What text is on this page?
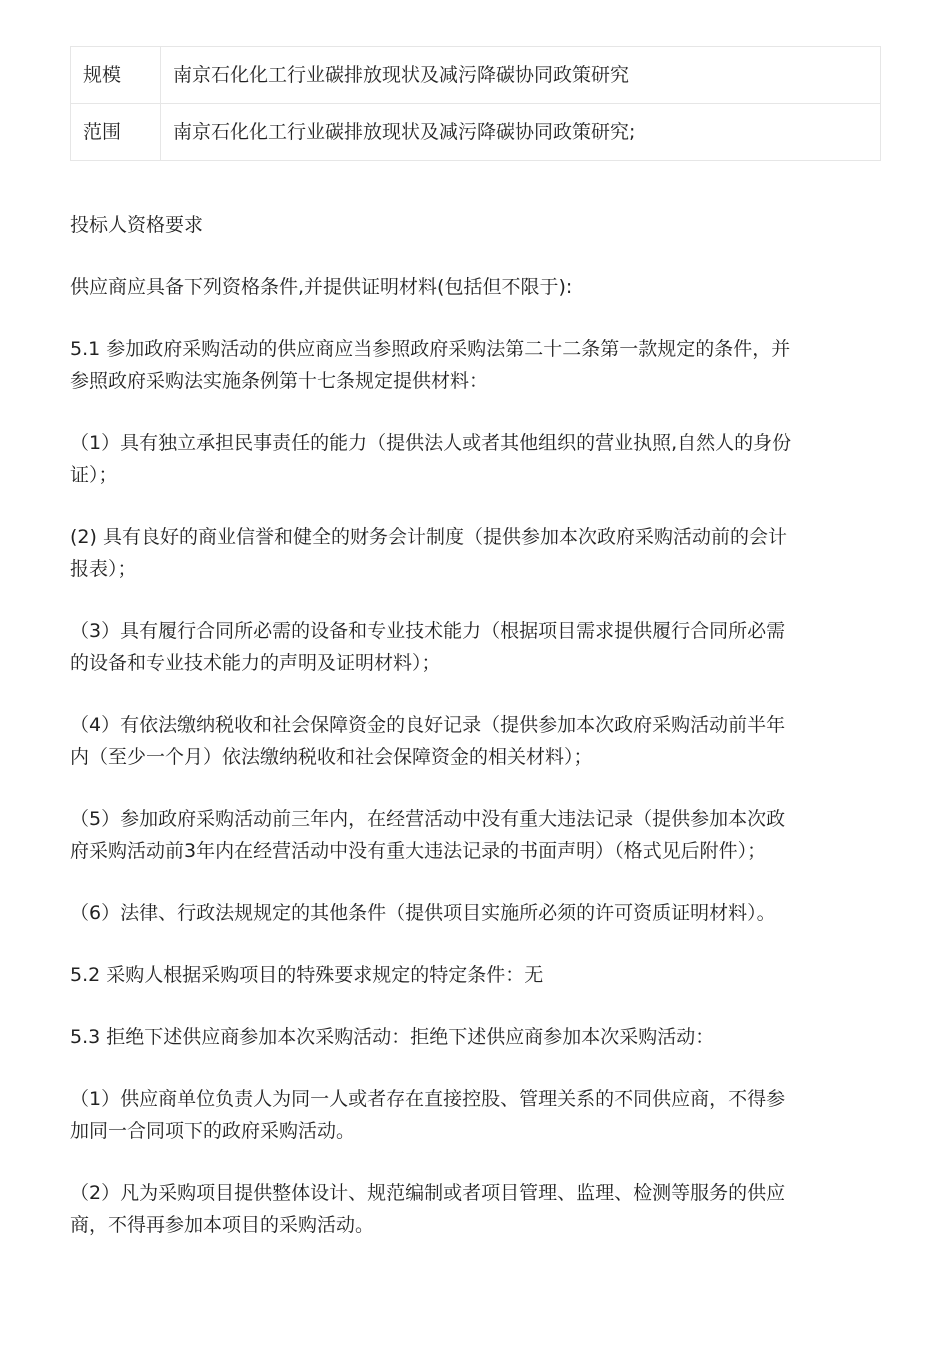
规模	南京石化化工行业碳排放现状及减污降碳协同政策研究
范围	南京石化化工行业碳排放现状及减污降碳协同政策研究;

投标人资格要求

供应商应具备下列资格条件,并提供证明材料(包括但不限于):

5.1 参加政府采购活动的供应商应当参照政府采购法第二十二条第一款规定的条件，并

参照政府采购法实施条例第十七条规定提供材料：

（1）具有独立承担民事责任的能力（提供法人或者其他组织的营业执照,自然人的身份

证）；

(2) 具有良好的商业信誉和健全的财务会计制度（提供参加本次政府采购活动前的会计

报表）；

（3）具有履行合同所必需的设备和专业技术能力（根据项目需求提供履行合同所必需

的设备和专业技术能力的声明及证明材料）；

（4）有依法缴纳税收和社会保障资金的良好记录（提供参加本次政府采购活动前半年

内（至少一个月）依法缴纳税收和社会保障资金的相关材料）；

（5）参加政府采购活动前三年内，在经营活动中没有重大违法记录（提供参加本次政

府采购活动前3年内在经营活动中没有重大违法记录的书面声明）（格式见后附件）；

（6）法律、行政法规规定的其他条件（提供项目实施所必须的许可资质证明材料）。

5.2 采购人根据采购项目的特殊要求规定的特定条件：无

5.3 拒绝下述供应商参加本次采购活动：拒绝下述供应商参加本次采购活动：

（1）供应商单位负责人为同一人或者存在直接控股、管理关系的不同供应商，不得参

加同一合同项下的政府采购活动。

（2）凡为采购项目提供整体设计、规范编制或者项目管理、监理、检测等服务的供应

商，不得再参加本项目的采购活动。
